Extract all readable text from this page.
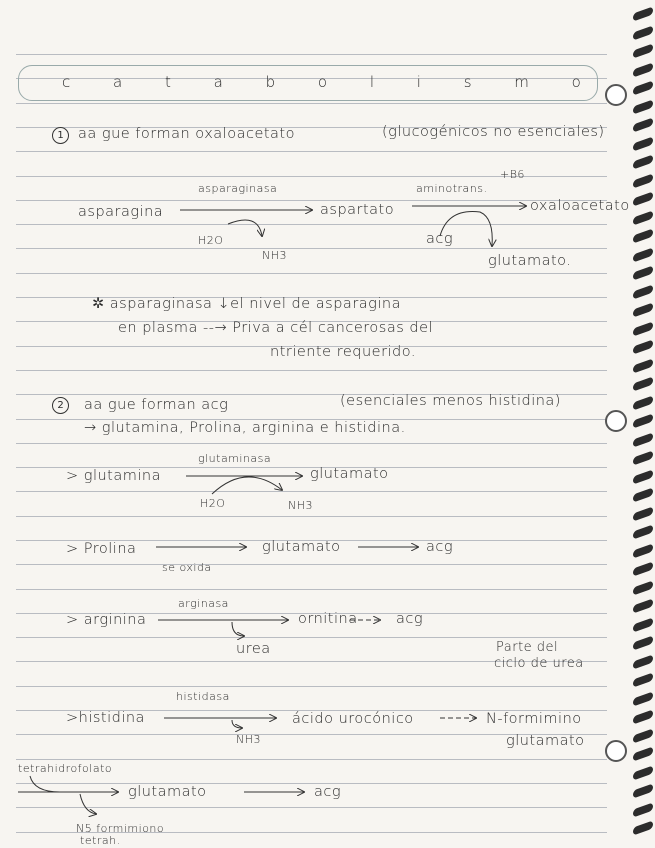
c a t a b o l i s m o
1 aa gue forman oxaloacetato	(glucogénicos no esenciales)
asparaginasa	aminotrans.
+B6
asparagina	aspartato	oxaloacetato
H2O
NH3
acg
glutamato.
✲ asparaginasa ↓el nivel de asparagina
en plasma --→ Priva a cél cancerosas del
ntriente requerido.
2	aa gue forman acg	(esenciales menos histidina)
→ glutamina, Prolina, arginina e histidina.
glutaminasa
> glutamina	glutamato
H2O	NH3
> Prolina	glutamato	acg
se oxida
arginasa
> arginina	ornitina	acg
urea	Parte del
ciclo de urea
histidasa
>histidina	ácido urocónico	N-formimino
glutamato
NH3
tetrahidrofolato
glutamato	acg
N5 formimiono
tetrah.
